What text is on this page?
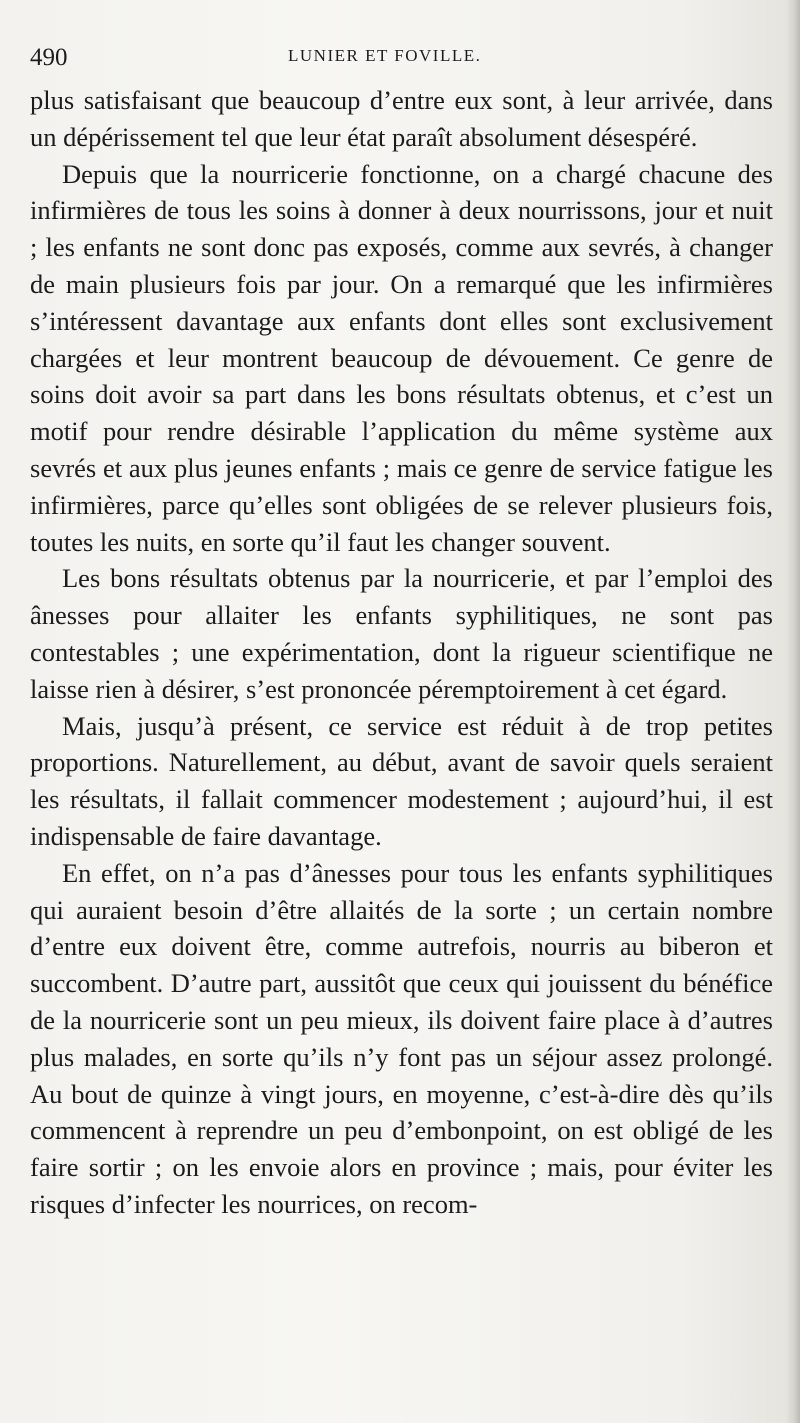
490	LUNIER ET FOVILLE.

plus satisfaisant que beaucoup d’entre eux sont, à leur arrivée, dans un dépérissement tel que leur état paraît absolument désespéré.

Depuis que la nourricerie fonctionne, on a chargé chacune des infirmières de tous les soins à donner à deux nourrissons, jour et nuit ; les enfants ne sont donc pas exposés, comme aux sevrés, à changer de main plusieurs fois par jour. On a remarqué que les infirmières s’intéressent davantage aux enfants dont elles sont exclusivement chargées et leur montrent beaucoup de dévouement. Ce genre de soins doit avoir sa part dans les bons résultats obtenus, et c’est un motif pour rendre désirable l’application du même système aux sevrés et aux plus jeunes enfants ; mais ce genre de service fatigue les infirmières, parce qu’elles sont obligées de se relever plusieurs fois, toutes les nuits, en sorte qu’il faut les changer souvent.

Les bons résultats obtenus par la nourricerie, et par l’emploi des ânesses pour allaiter les enfants syphilitiques, ne sont pas contestables ; une expérimentation, dont la rigueur scientifique ne laisse rien à désirer, s’est prononcée péremptoirement à cet égard.

Mais, jusqu’à présent, ce service est réduit à de trop petites proportions. Naturellement, au début, avant de savoir quels seraient les résultats, il fallait commencer modestement ; aujourd’hui, il est indispensable de faire davantage.

En effet, on n’a pas d’ânesses pour tous les enfants syphilitiques qui auraient besoin d’être allaités de la sorte ; un certain nombre d’entre eux doivent être, comme autrefois, nourris au biberon et succombent. D’autre part, aussitôt que ceux qui jouissent du bénéfice de la nourricerie sont un peu mieux, ils doivent faire place à d’autres plus malades, en sorte qu’ils n’y font pas un séjour assez prolongé. Au bout de quinze à vingt jours, en moyenne, c’est-à-dire dès qu’ils commencent à reprendre un peu d’embonpoint, on est obligé de les faire sortir ; on les envoie alors en province ; mais, pour éviter les risques d’infecter les nourrices, on recom-
